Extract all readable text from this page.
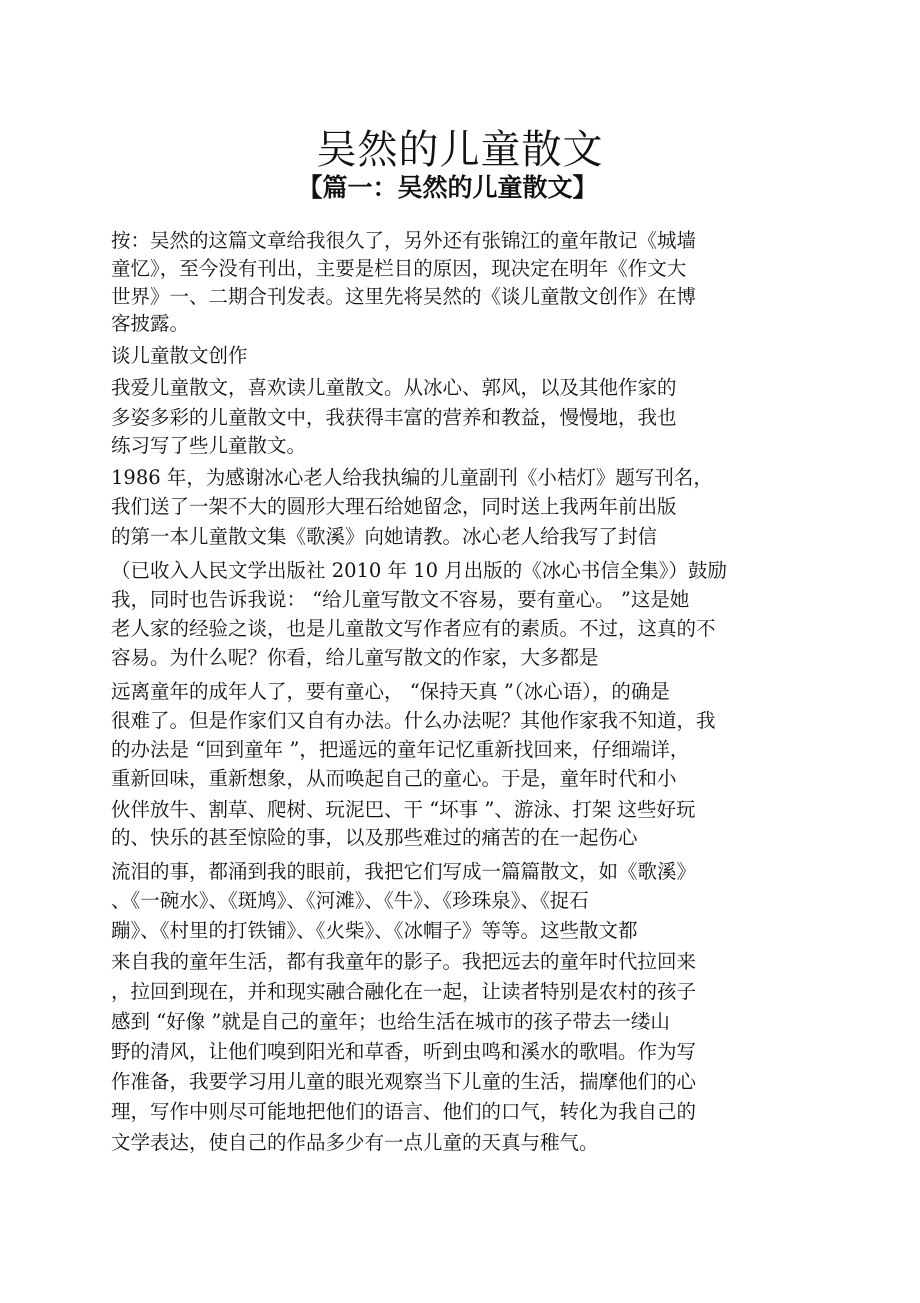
吴然的儿童散文
【篇一：吴然的儿童散文】

按：吴然的这篇文章给我很久了，另外还有张锦江的童年散记《城墙

童忆》，至今没有刊出，主要是栏目的原因，现决定在明年《作文大

世界》一、二期合刊发表。这里先将吴然的《谈儿童散文创作》在博

客披露。

谈儿童散文创作

我爱儿童散文，喜欢读儿童散文。从冰心、郭风，以及其他作家的

多姿多彩的儿童散文中，我获得丰富的营养和教益，慢慢地，我也

练习写了些儿童散文。

1986 年，为感谢冰心老人给我执编的儿童副刊《小桔灯》题写刊名，

我们送了一架不大的圆形大理石给她留念，同时送上我两年前出版

的第一本儿童散文集《歌溪》向她请教。冰心老人给我写了封信

（已收入人民文学出版社 2010 年 10 月出版的《冰心书信全集》）鼓励

我，同时也告诉我说： “给儿童写散文不容易，要有童心。 ”这是她

老人家的经验之谈，也是儿童散文写作者应有的素质。不过，这真的不

容易。为什么呢？你看，给儿童写散文的作家，大多都是

远离童年的成年人了，要有童心， “保持天真 ”（冰心语），的确是

很难了。但是作家们又自有办法。什么办法呢？其他作家我不知道，我

的办法是 “回到童年 ”，把遥远的童年记忆重新找回来，仔细端详，

重新回味，重新想象，从而唤起自己的童心。于是，童年时代和小

伙伴放牛、割草、爬树、玩泥巴、干 “坏事 ”、游泳、打架 这些好玩

的、快乐的甚至惊险的事，以及那些难过的痛苦的在一起伤心

流泪的事，都涌到我的眼前，我把它们写成一篇篇散文，如《歌溪》

、《一碗水》、《斑鸠》、《河滩》、《牛》、《珍珠泉》、《捉石

蹦》、《村里的打铁铺》、《火柴》、《冰帽子》等等。这些散文都

来自我的童年生活，都有我童年的影子。我把远去的童年时代拉回来

，拉回到现在，并和现实融合融化在一起，让读者特别是农村的孩子

感到 “好像 ”就是自己的童年；也给生活在城市的孩子带去一缕山

野的清风，让他们嗅到阳光和草香，听到虫鸣和溪水的歌唱。作为写

作准备，我要学习用儿童的眼光观察当下儿童的生活，揣摩他们的心

理，写作中则尽可能地把他们的语言、他们的口气，转化为我自己的

文学表达，使自己的作品多少有一点儿童的天真与稚气。
